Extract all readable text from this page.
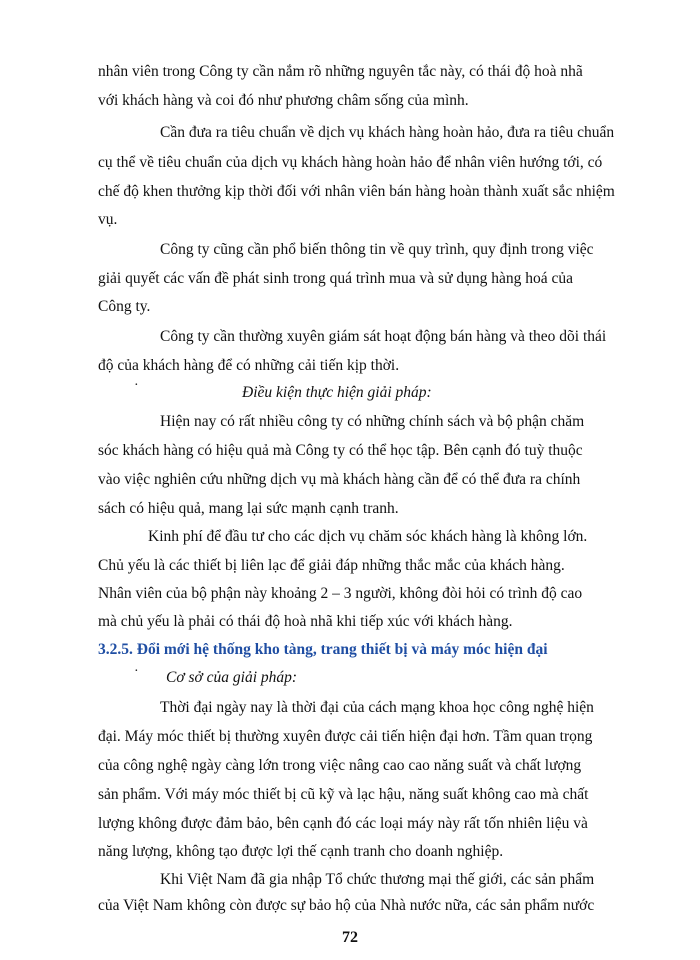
nhân viên trong Công ty cần nắm rõ những nguyên tắc này, có thái độ hoà nhã
với khách hàng và coi đó như phương châm sống của mình.
Cần đưa ra tiêu chuẩn về dịch vụ khách hàng hoàn hảo, đưa ra tiêu chuẩn
cụ thể về tiêu chuẩn của dịch vụ khách hàng hoàn hảo để nhân viên hướng tới, có
chế độ khen thưởng kịp thời đối với nhân viên bán hàng hoàn thành xuất sắc nhiệm
vụ.
Công ty cũng cần phổ biến thông tin về quy trình, quy định trong việc
giải quyết các vấn đề phát sinh trong quá trình mua và sử dụng hàng hoá của
Công ty.
Công ty cần thường xuyên giám sát hoạt động bán hàng và theo dõi thái
độ của khách hàng để có những cải tiến kịp thời.
·	Điều kiện thực hiện giải pháp:
Hiện nay có rất nhiều công ty có những chính sách và bộ phận chăm
sóc khách hàng có hiệu quả mà Công ty có thể học tập. Bên cạnh đó tuỳ thuộc
vào việc nghiên cứu những dịch vụ mà khách hàng cần để có thể đưa ra chính
sách có hiệu quả, mang lại sức mạnh cạnh tranh.
Kinh phí để đầu tư cho các dịch vụ chăm sóc khách hàng là không lớn.
Chủ yếu là các thiết bị liên lạc để giải đáp những thắc mắc của khách hàng.
Nhân viên của bộ phận này khoảng 2 – 3 người, không đòi hỏi có trình độ cao
mà chủ yếu là phải có thái độ hoà nhã khi tiếp xúc với khách hàng.
3.2.5. Đổi mới hệ thống kho tàng, trang thiết bị và máy móc hiện đại
· Cơ sở của giải pháp:
Thời đại ngày nay là thời đại của cách mạng khoa học công nghệ hiện
đại. Máy móc thiết bị thường xuyên được cải tiến hiện đại hơn. Tầm quan trọng
của công nghệ ngày càng lớn trong việc nâng cao cao năng suất và chất lượng
sản phẩm. Với máy móc thiết bị cũ kỹ và lạc hậu, năng suất không cao mà chất
lượng không được đảm bảo, bên cạnh đó các loại máy này rất tốn nhiên liệu và
năng lượng, không tạo được lợi thế cạnh tranh cho doanh nghiệp.
Khi Việt Nam đã gia nhập Tổ chức thương mại thế giới, các sản phẩm
của Việt Nam không còn được sự bảo hộ của Nhà nước nữa, các sản phẩm nước
72
